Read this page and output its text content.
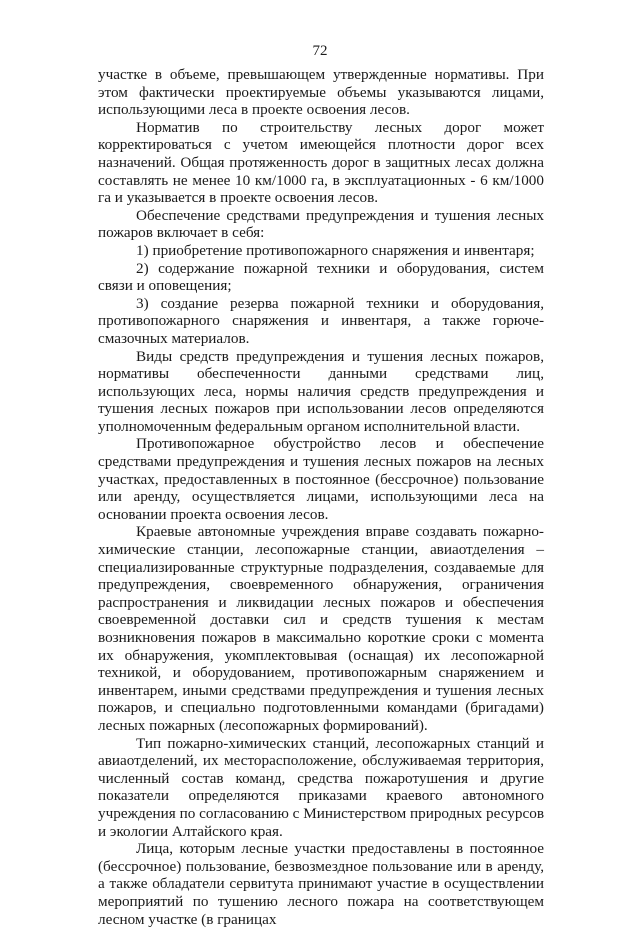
72

участке в объеме, превышающем утвержденные нормативы. При этом фактически проектируемые объемы указываются лицами, использующими леса в проекте освоения лесов.

Норматив по строительству лесных дорог может корректироваться с учетом имеющейся плотности дорог всех назначений. Общая протяженность дорог в защитных лесах должна составлять не менее 10 км/1000 га, в эксплуатационных - 6 км/1000 га и указывается в проекте освоения лесов.

Обеспечение средствами предупреждения и тушения лесных пожаров включает в себя:

1) приобретение противопожарного снаряжения и инвентаря;

2) содержание пожарной техники и оборудования, систем связи и оповещения;

3) создание резерва пожарной техники и оборудования, противопожарного снаряжения и инвентаря, а также горюче-смазочных материалов.

Виды средств предупреждения и тушения лесных пожаров, нормативы обеспеченности данными средствами лиц, использующих леса, нормы наличия средств предупреждения и тушения лесных пожаров при использовании лесов определяются уполномоченным федеральным органом исполнительной власти.

Противопожарное обустройство лесов и обеспечение средствами предупреждения и тушения лесных пожаров на лесных участках, предоставленных в постоянное (бессрочное) пользование или аренду, осуществляется лицами, использующими леса на основании проекта освоения лесов.

Краевые автономные учреждения вправе создавать пожарно-химические станции, лесопожарные станции, авиаотделения – специализированные структурные подразделения, создаваемые для предупреждения, своевременного обнаружения, ограничения распространения и ликвидации лесных пожаров и обеспечения своевременной доставки сил и средств тушения к местам возникновения пожаров в максимально короткие сроки с момента их обнаружения, укомплектовывая (оснащая) их лесопожарной техникой, и оборудованием, противопожарным снаряжением и инвентарем, иными средствами предупреждения и тушения лесных пожаров, и специально подготовленными командами (бригадами) лесных пожарных (лесопожарных формирований).

Тип пожарно-химических станций, лесопожарных станций и авиаотделений, их месторасположение, обслуживаемая территория, численный состав команд, средства пожаротушения и другие показатели определяются приказами краевого автономного учреждения по согласованию с Министерством природных ресурсов и экологии Алтайского края.

Лица, которым лесные участки предоставлены в постоянное (бессрочное) пользование, безвозмездное пользование или в аренду, а также обладатели сервитута принимают участие в осуществлении мероприятий по тушению лесного пожара на соответствующем лесном участке (в границах
